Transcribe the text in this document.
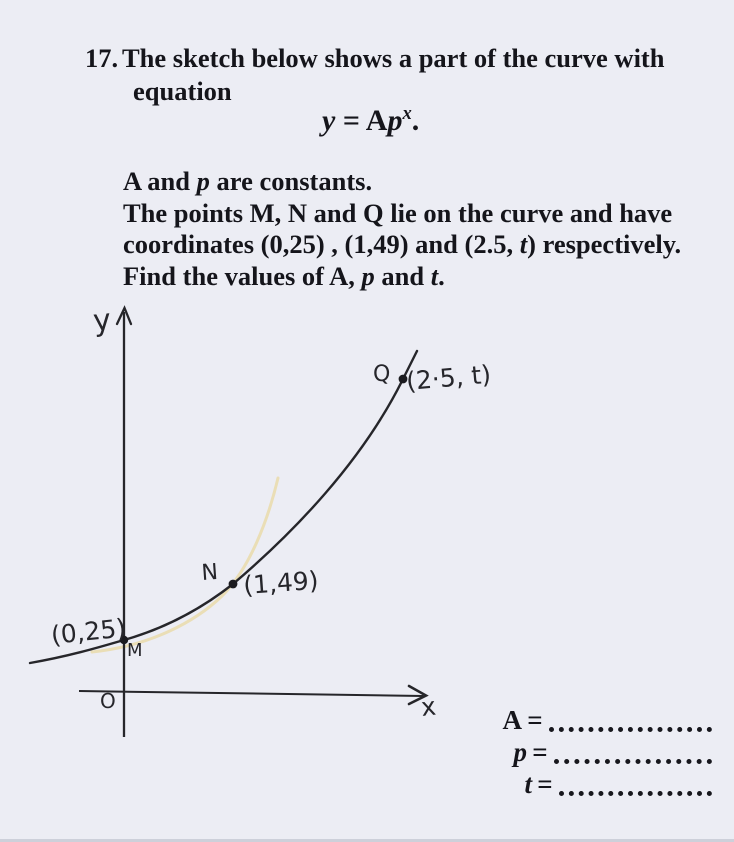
17. The sketch below shows a part of the curve with
equation
$y = Ap^x$.
A and p are constants.
The points M, N and Q lie on the curve and have
coordinates (0,25) , (1,49) and (2.5, t) respectively.
Find the values of A, p and t.
y
x
O
Q (2·5, t)
N (1,49)
(0,25)
M
A =
p =
t =
